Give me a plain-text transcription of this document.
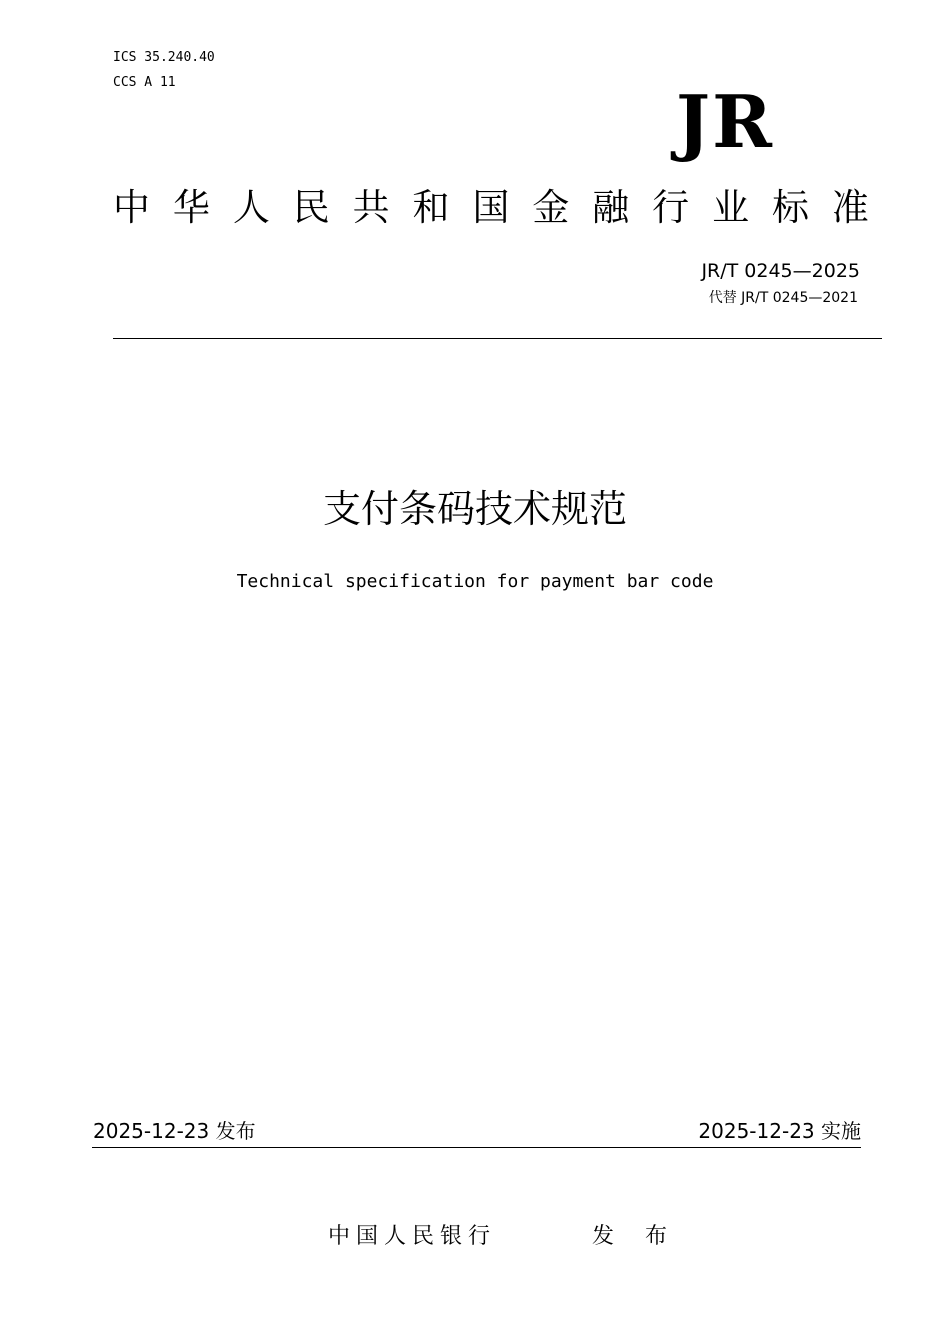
ICS 35.240.40
CCS A 11	JR
中 华 人 民 共 和 国 金 融 行 业 标 准
JR/T 0245—2025
代替 JR/T 0245—2021
支付条码技术规范
Technical specification for payment bar code
2025-12-23 发布	2025-12-23 实施
中国人民银行	发 布
